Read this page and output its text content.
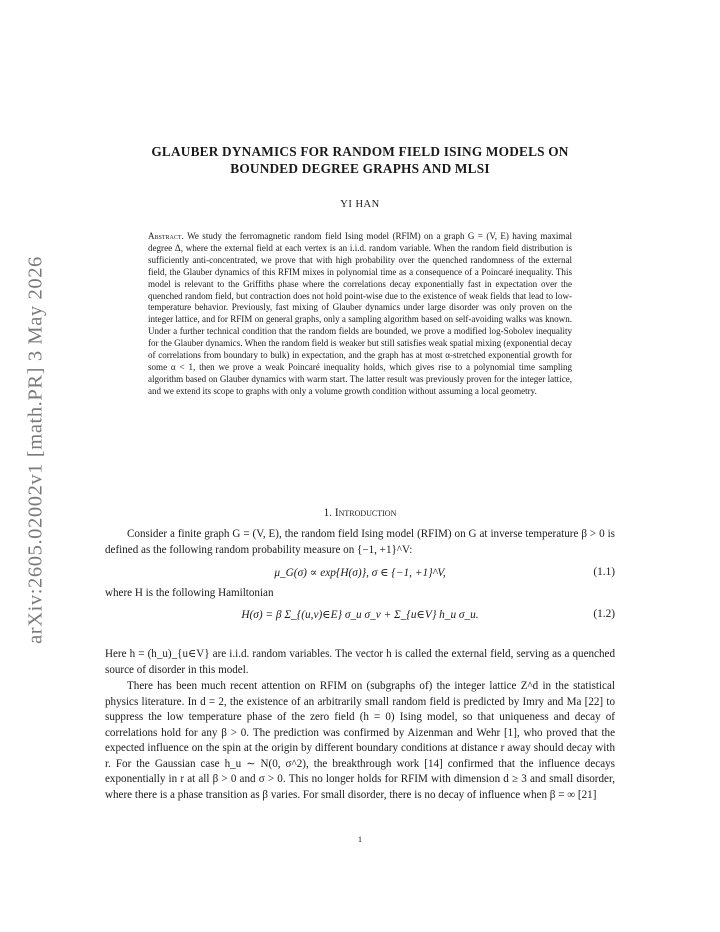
arXiv:2605.02002v1 [math.PR] 3 May 2026
GLAUBER DYNAMICS FOR RANDOM FIELD ISING MODELS ON
BOUNDED DEGREE GRAPHS AND MLSI
YI HAN

Abstract. We study the ferromagnetic random field Ising model (RFIM) on a graph G = (V, E) having maximal degree Δ, where the external field at each vertex is an i.i.d. random variable. When the random field distribution is sufficiently anti-concentrated, we prove that with high probability over the quenched randomness of the external field, the Glauber dynamics of this RFIM mixes in polynomial time as a consequence of a Poincaré inequality. This model is relevant to the Griffiths phase where the correlations decay exponentially fast in expectation over the quenched random field, but contraction does not hold point-wise due to the existence of weak fields that lead to low-temperature behavior. Previously, fast mixing of Glauber dynamics under large disorder was only proven on the integer lattice, and for RFIM on general graphs, only a sampling algorithm based on self-avoiding walks was known. Under a further technical condition that the random fields are bounded, we prove a modified log-Sobolev inequality for the Glauber dynamics. When the random field is weaker but still satisfies weak spatial mixing (exponential decay of correlations from boundary to bulk) in expectation, and the graph has at most α-stretched exponential growth for some α < 1, then we prove a weak Poincaré inequality holds, which gives rise to a polynomial time sampling algorithm based on Glauber dynamics with warm start. The latter result was previously proven for the integer lattice, and we extend its scope to graphs with only a volume growth condition without assuming a local geometry.

1. Introduction

Consider a finite graph G = (V, E), the random field Ising model (RFIM) on G at inverse temperature β > 0 is defined as the following random probability measure on {−1, +1}^V:

μ_G(σ) ∝ exp{H(σ)}, σ ∈ {−1, +1}^V,	(1.1)

where H is the following Hamiltonian

H(σ) = β Σ_{(u,v)∈E} σ_u σ_v + Σ_{u∈V} h_u σ_u.	(1.2)

Here h = (h_u)_{u∈V} are i.i.d. random variables. The vector h is called the external field, serving as a quenched source of disorder in this model.

There has been much recent attention on RFIM on (subgraphs of) the integer lattice Z^d in the statistical physics literature. In d = 2, the existence of an arbitrarily small random field is predicted by Imry and Ma [22] to suppress the low temperature phase of the zero field (h = 0) Ising model, so that uniqueness and decay of correlations hold for any β > 0. The prediction was confirmed by Aizenman and Wehr [1], who proved that the expected influence on the spin at the origin by different boundary conditions at distance r away should decay with r. For the Gaussian case h_u ∼ N(0, σ^2), the breakthrough work [14] confirmed that the influence decays exponentially in r at all β > 0 and σ > 0. This no longer holds for RFIM with dimension d ≥ 3 and small disorder, where there is a phase transition as β varies. For small disorder, there is no decay of influence when β = ∞ [21]

1
